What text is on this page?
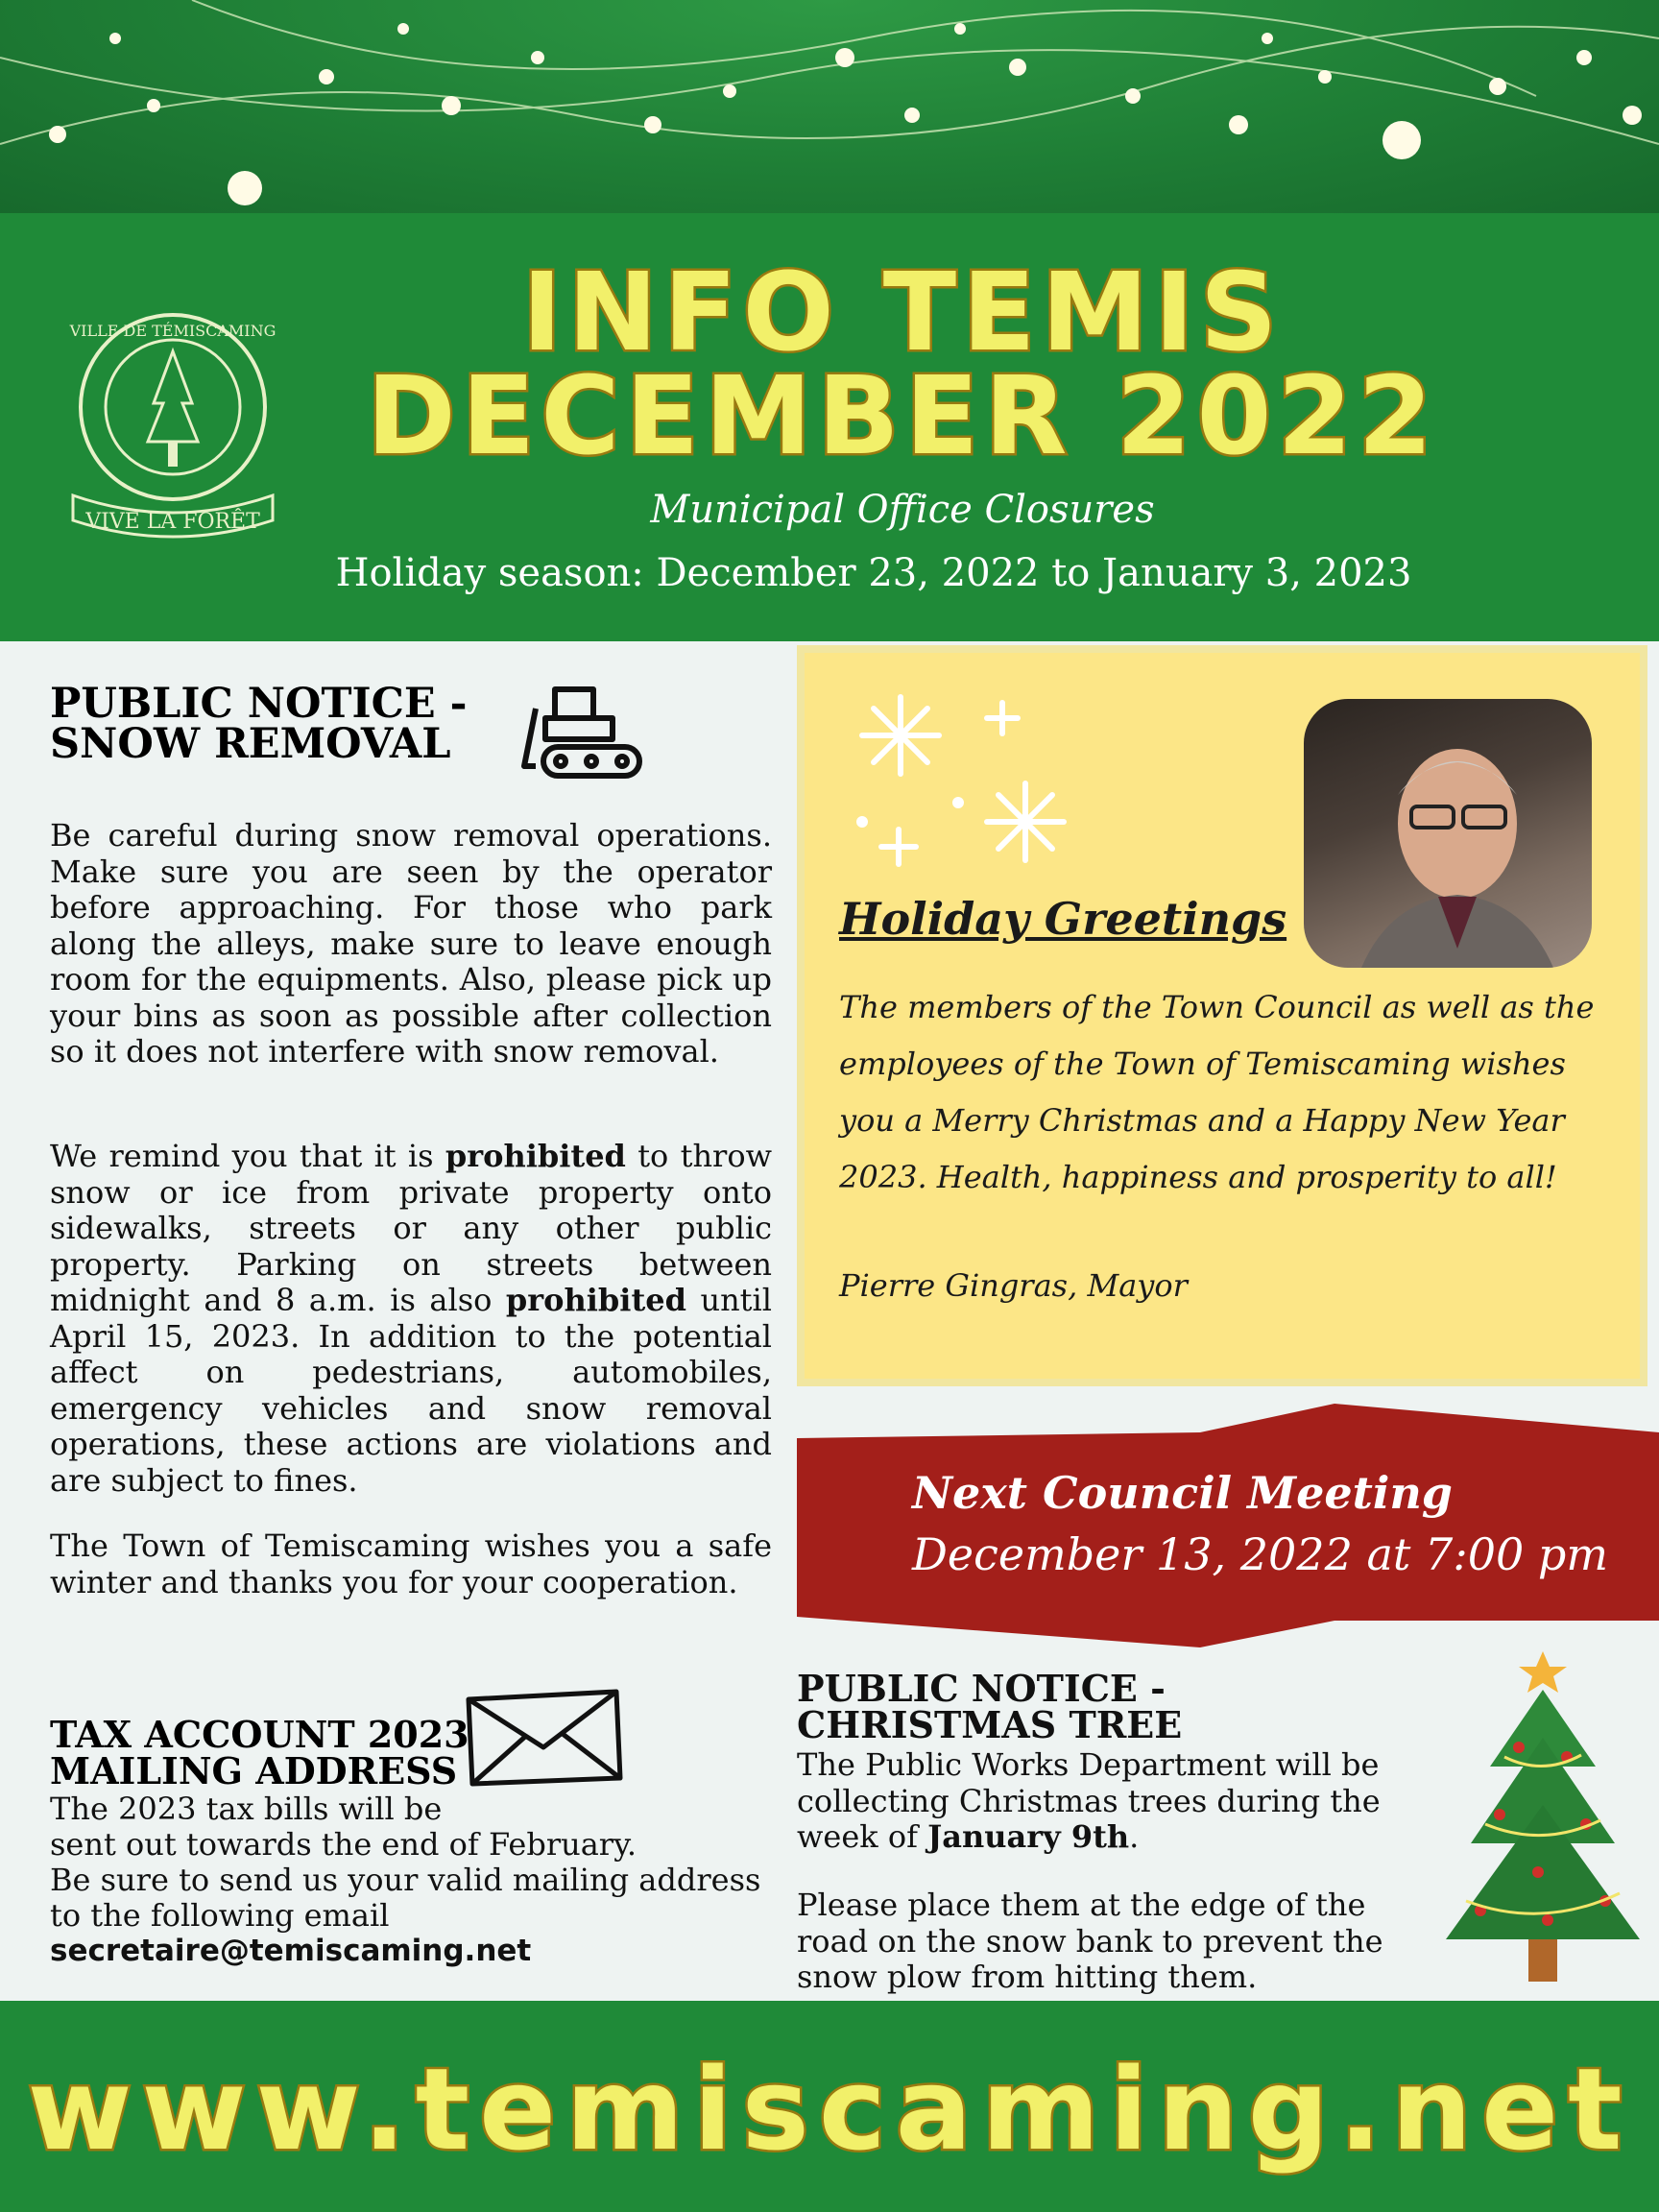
VIVE LA FORÊT
VILLE DE TÉMISCAMING	INFO TEMIS
DECEMBER 2022
Municipal Office Closures
Holiday season: December 23, 2022 to January 3, 2023
PUBLIC NOTICE -
SNOW REMOVAL
Be careful during snow removal operations. Make sure you are seen by the operator before approaching. For those who park along the alleys, make sure to leave enough room for the equipments. Also, please pick up your bins as soon as possible after collection so it does not interfere with snow removal.
We remind you that it is prohibited to throw snow or ice from private property onto sidewalks, streets or any other public property. Parking on streets between midnight and 8 a.m. is also prohibited until April 15, 2023. In addition to the potential affect on pedestrians, automobiles, emergency vehicles and snow removal operations, these actions are violations and are subject to fines.
The Town of Temiscaming wishes you a safe winter and thanks you for your cooperation.
TAX ACCOUNT 2023
MAILING ADDRESS
The 2023 tax bills will be
sent out towards the end of February.
Be sure to send us your valid mailing address
to the following email
secretaire@temiscaming.net
Holiday Greetings
The members of the Town Council as well as the employees of the Town of Temiscaming wishes you a Merry Christmas and a Happy New Year 2023. Health, happiness and prosperity to all!
Pierre Gingras, Mayor
Next Council Meeting
December 13, 2022 at 7:00 pm
PUBLIC NOTICE -
CHRISTMAS TREE
The Public Works Department will be collecting Christmas trees during the week of January 9th.
Please place them at the edge of the road on the snow bank to prevent the snow plow from hitting them.
www.temiscaming.net
